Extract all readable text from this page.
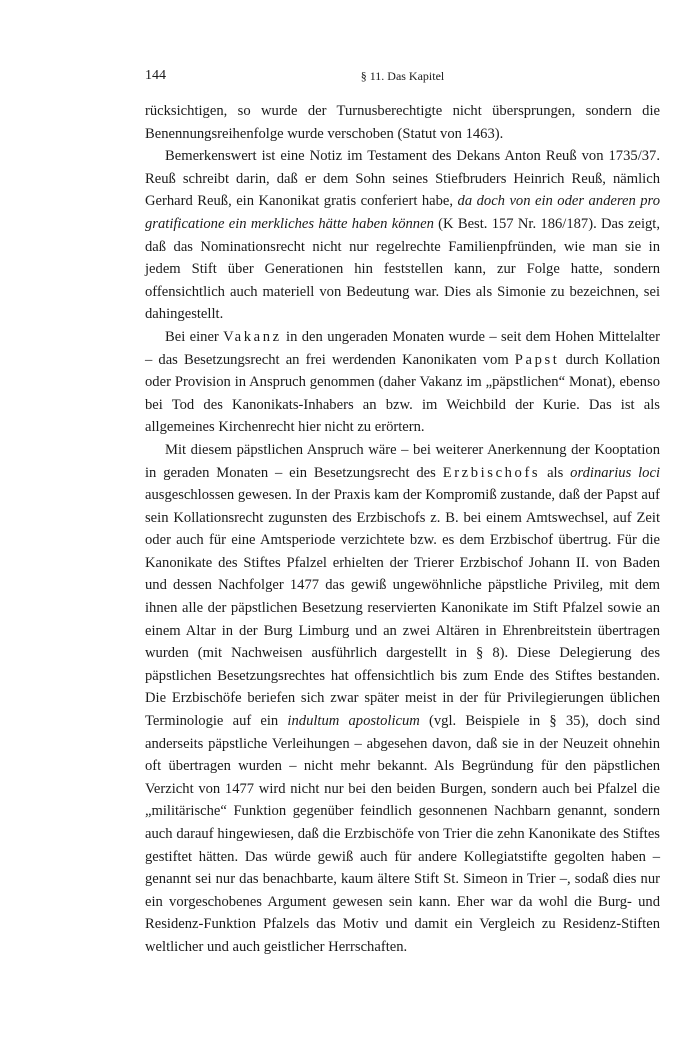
144	§ 11. Das Kapitel

rücksichtigen, so wurde der Turnusberechtigte nicht übersprungen, sondern die Benennungsreihenfolge wurde verschoben (Statut von 1463).

Bemerkenswert ist eine Notiz im Testament des Dekans Anton Reuß von 1735/37. Reuß schreibt darin, daß er dem Sohn seines Stiefbruders Heinrich Reuß, nämlich Gerhard Reuß, ein Kanonikat gratis conferiert habe, da doch von ein oder anderen pro gratificatione ein merkliches hätte haben können (K Best. 157 Nr. 186/187). Das zeigt, daß das Nominationsrecht nicht nur regelrechte Familienpfründen, wie man sie in jedem Stift über Generationen hin feststellen kann, zur Folge hatte, sondern offensichtlich auch materiell von Bedeutung war. Dies als Simonie zu bezeichnen, sei dahingestellt.

Bei einer Vakanz in den ungeraden Monaten wurde – seit dem Hohen Mittelalter – das Besetzungsrecht an frei werdenden Kanonikaten vom Papst durch Kollation oder Provision in Anspruch genommen (daher Vakanz im „päpstlichen“ Monat), ebenso bei Tod des Kanonikats-Inhabers an bzw. im Weichbild der Kurie. Das ist als allgemeines Kirchenrecht hier nicht zu erörtern.

Mit diesem päpstlichen Anspruch wäre – bei weiterer Anerkennung der Kooptation in geraden Monaten – ein Besetzungsrecht des Erzbischofs als ordinarius loci ausgeschlossen gewesen. In der Praxis kam der Kompromiß zustande, daß der Papst auf sein Kollationsrecht zugunsten des Erzbischofs z. B. bei einem Amtswechsel, auf Zeit oder auch für eine Amtsperiode verzichtete bzw. es dem Erzbischof übertrug. Für die Kanonikate des Stiftes Pfalzel erhielten der Trierer Erzbischof Johann II. von Baden und dessen Nachfolger 1477 das gewiß ungewöhnliche päpstliche Privileg, mit dem ihnen alle der päpstlichen Besetzung reservierten Kanonikate im Stift Pfalzel sowie an einem Altar in der Burg Limburg und an zwei Altären in Ehrenbreitstein übertragen wurden (mit Nachweisen ausführlich dargestellt in § 8). Diese Delegierung des päpstlichen Besetzungsrechtes hat offensichtlich bis zum Ende des Stiftes bestanden. Die Erzbischöfe beriefen sich zwar später meist in der für Privilegierungen üblichen Terminologie auf ein indultum apostolicum (vgl. Beispiele in § 35), doch sind anderseits päpstliche Verleihungen – abgesehen davon, daß sie in der Neuzeit ohnehin oft übertragen wurden – nicht mehr bekannt. Als Begründung für den päpstlichen Verzicht von 1477 wird nicht nur bei den beiden Burgen, sondern auch bei Pfalzel die „militärische“ Funktion gegenüber feindlich gesonnenen Nachbarn genannt, sondern auch darauf hingewiesen, daß die Erzbischöfe von Trier die zehn Kanonikate des Stiftes gestiftet hätten. Das würde gewiß auch für andere Kollegiatstifte gegolten haben – genannt sei nur das benachbarte, kaum ältere Stift St. Simeon in Trier –, sodaß dies nur ein vorgeschobenes Argument gewesen sein kann. Eher war da wohl die Burg- und Residenz-Funktion Pfalzels das Motiv und damit ein Vergleich zu Residenz-Stiften weltlicher und auch geistlicher Herrschaften.
